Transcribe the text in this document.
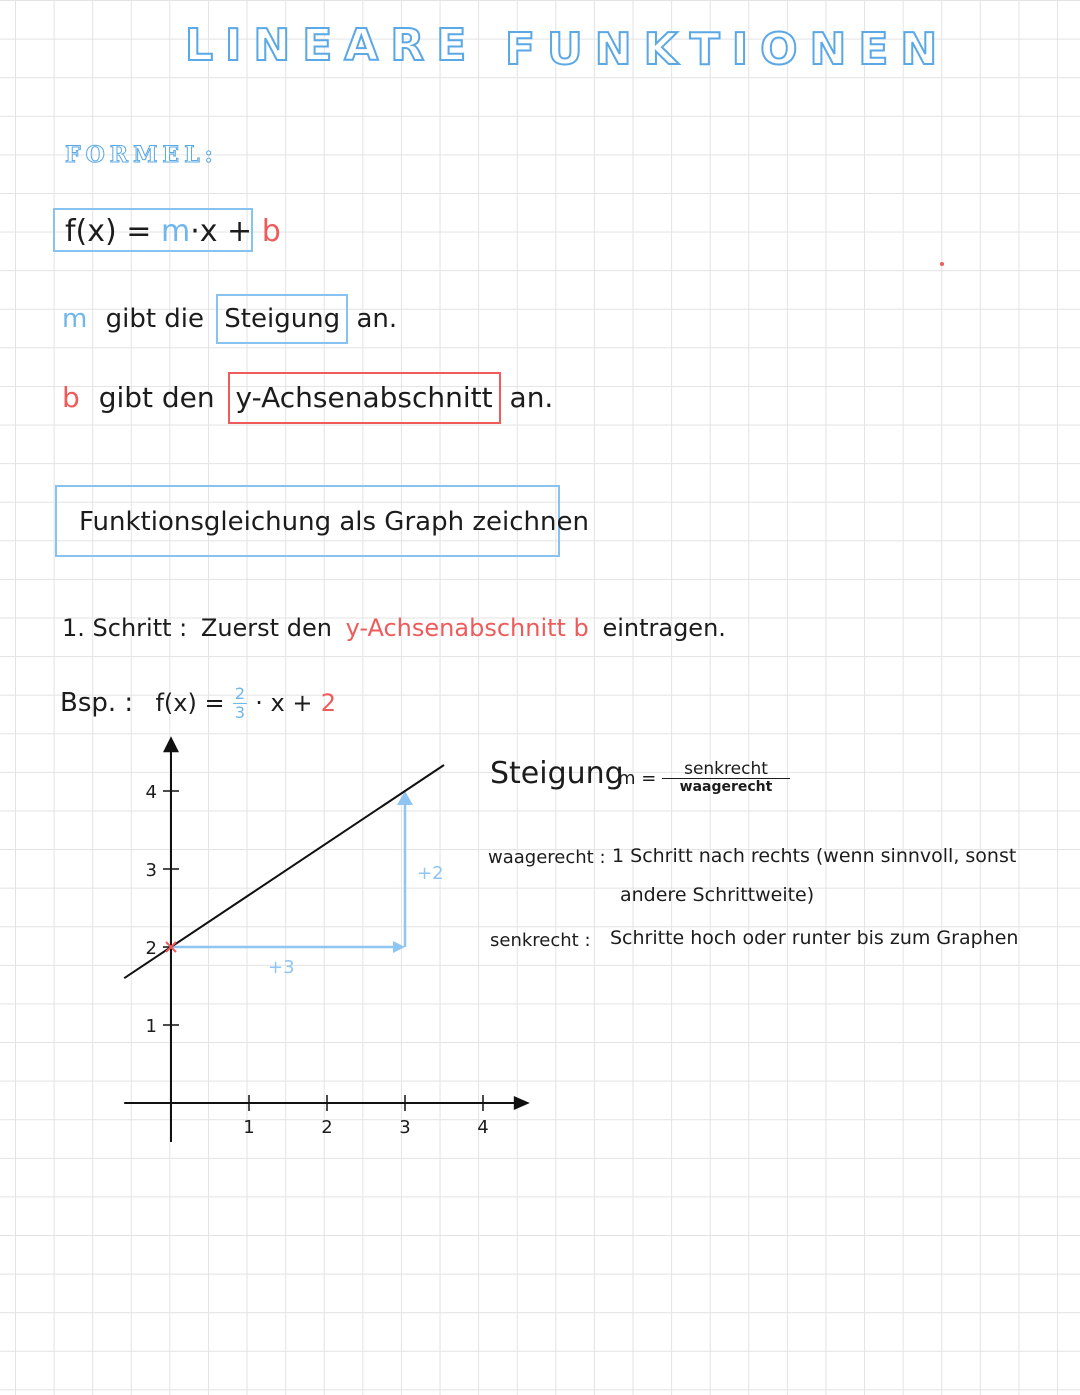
LINEARE FUNKTIONEN
FORMEL:
f(x) = m·x + b
m gibt die Steigung an.
b gibt den y-Achsenabschnitt an.
Funktionsgleichung als Graph zeichnen
1. Schritt : Zuerst den y-Achsenabschnitt b eintragen.
Bsp. : $f(x) = \frac{2}{3} \cdot x + 2$
1	2	3	4
1
2
3
4
+3
+2
Steigung
m =	senkrecht
waagerecht
waagerecht : 1 Schritt nach rechts (wenn sinnvoll, sonst
andere Schrittweite)
senkrecht : Schritte hoch oder runter bis zum Graphen
